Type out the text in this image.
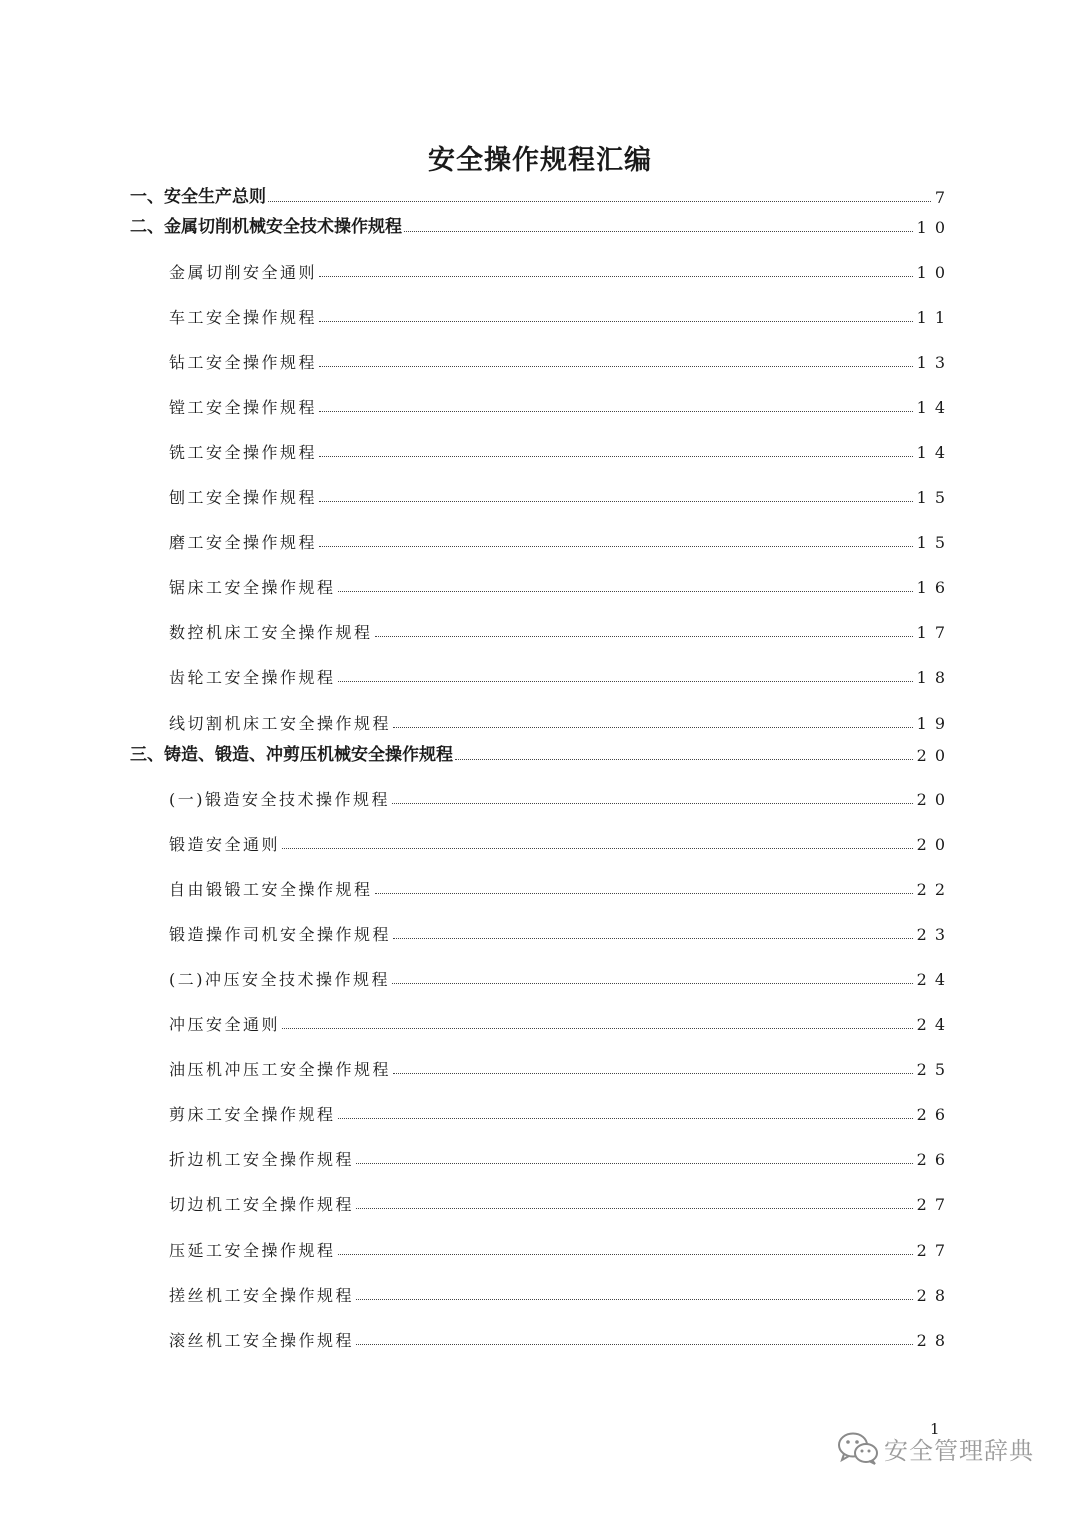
安全操作规程汇编
一、安全生产总则	7
二、金属切削机械安全技术操作规程	10
金属切削安全通则	10
车工安全操作规程	11
钻工安全操作规程	13
镗工安全操作规程	14
铣工安全操作规程	14
刨工安全操作规程	15
磨工安全操作规程	15
锯床工安全操作规程	16
数控机床工安全操作规程	17
齿轮工安全操作规程	18
线切割机床工安全操作规程	19
三、铸造、锻造、冲剪压机械安全操作规程	20
(一)锻造安全技术操作规程	20
锻造安全通则	20
自由锻锻工安全操作规程	22
锻造操作司机安全操作规程	23
(二)冲压安全技术操作规程	24
冲压安全通则	24
油压机冲压工安全操作规程	25
剪床工安全操作规程	26
折边机工安全操作规程	26
切边机工安全操作规程	27
压延工安全操作规程	27
搓丝机工安全操作规程	28
滚丝机工安全操作规程	28
1
安全管理辞典
